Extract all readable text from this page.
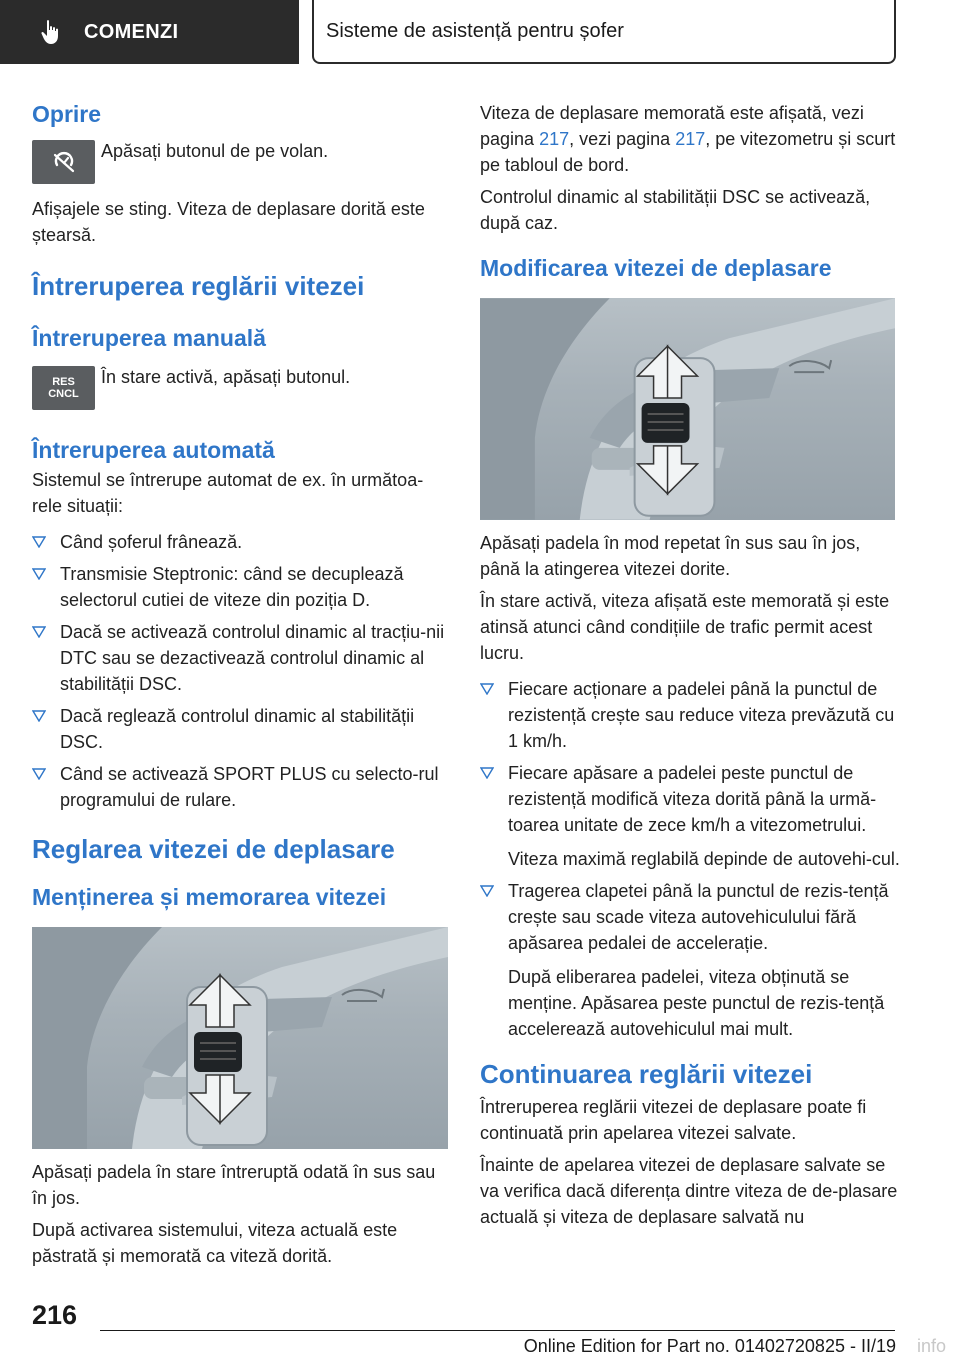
COMENZI	Sisteme de asistență pentru șofer
Oprire

Apăsați butonul de pe volan.

Afișajele se sting. Viteza de deplasare dorită este ștearsă.

Întreruperea reglării vitezei
Întreruperea manuală
RES
CNCL

În stare activă, apăsați butonul.

Întreruperea automată

Sistemul se întrerupe automat de ex. în următoa-rele situații:

Când șoferul frânează.
Transmisie Steptronic: când se decuplează selectorul cutiei de viteze din poziția D.
Dacă se activează controlul dinamic al tracțiu-nii DTC sau se dezactivează controlul dinamic al stabilității DSC.
Dacă reglează controlul dinamic al stabilității DSC.
Când se activează SPORT PLUS cu selecto-rul programului de rulare.
Reglarea vitezei de deplasare
Menținerea și memorarea vitezei

Apăsați padela în stare întreruptă odată în sus sau în jos.

După activarea sistemului, viteza actuală este păstrată și memorată ca viteză dorită.

Viteza de deplasare memorată este afișată, vezi pagina 217, vezi pagina 217, pe vitezometru și scurt pe tabloul de bord.

Controlul dinamic al stabilității DSC se activează, după caz.

Modificarea vitezei de deplasare

Apăsați padela în mod repetat în sus sau în jos, până la atingerea vitezei dorite.

În stare activă, viteza afișată este memorată și este atinsă atunci când condițiile de trafic permit acest lucru.

Fiecare acționare a padelei până la punctul de rezistență crește sau reduce viteza prevăzută cu 1 km/h.
Fiecare apăsare a padelei peste punctul de rezistență modifică viteza dorită până la urmă-toarea unitate de zece km/h a vitezometrului.
Viteza maximă reglabilă depinde de autovehi-cul.
Tragerea clapetei până la punctul de rezis-tență crește sau scade viteza autovehiculului fără apăsarea pedalei de accelerație.
După eliberarea padelei, viteza obținută se menține. Apăsarea peste punctul de rezis-tență accelerează autovehiculul mai mult.
Continuarea reglării vitezei

Întreruperea reglării vitezei de deplasare poate fi continuată prin apelarea vitezei salvate.

Înainte de apelarea vitezei de deplasare salvate se va verifica dacă diferența dintre viteza de de-plasare actuală și viteza de deplasare salvată nu

216
Online Edition for Part no. 01402720825 - II/19 info
